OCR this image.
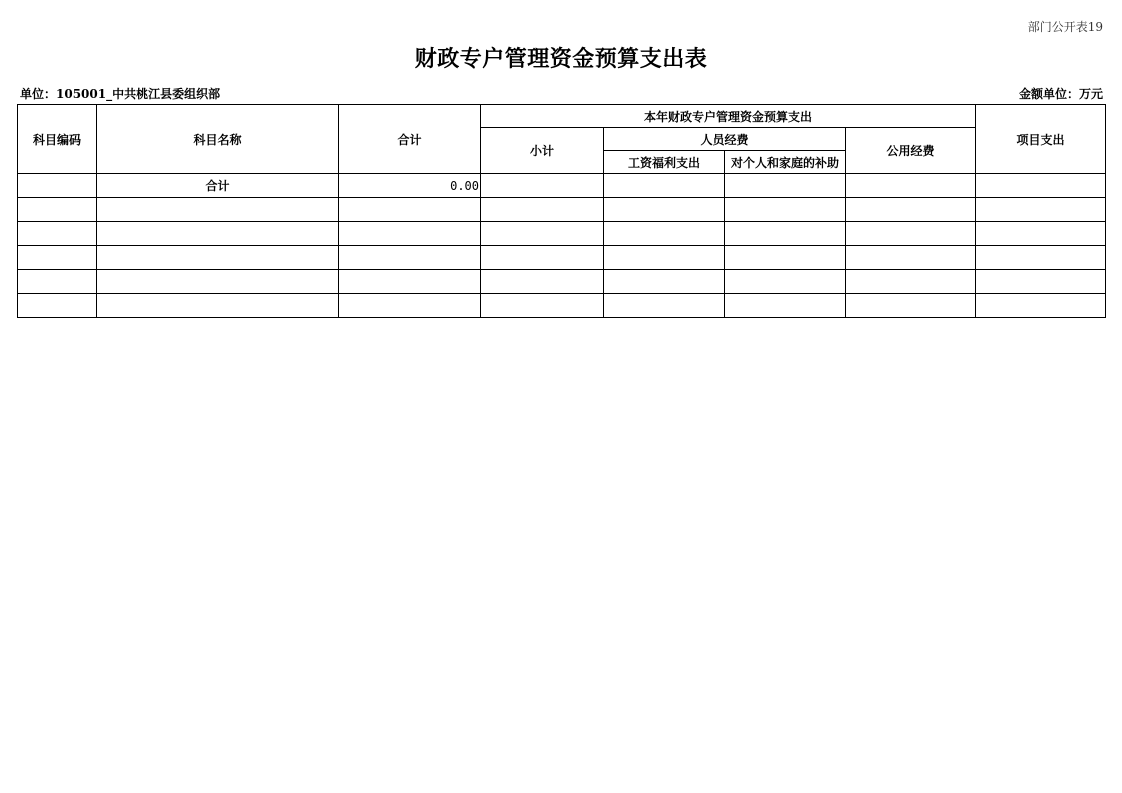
部门公开表19
财政专户管理资金预算支出表
单位：105001_中共桃江县委组织部	金额单位：万元
科目编码	科目名称	合计	本年财政专户管理资金预算支出				项目支出
			小计	人员经费		公用经费	
				工资福利支出	对个人和家庭的补助		
	合计	0.00					
